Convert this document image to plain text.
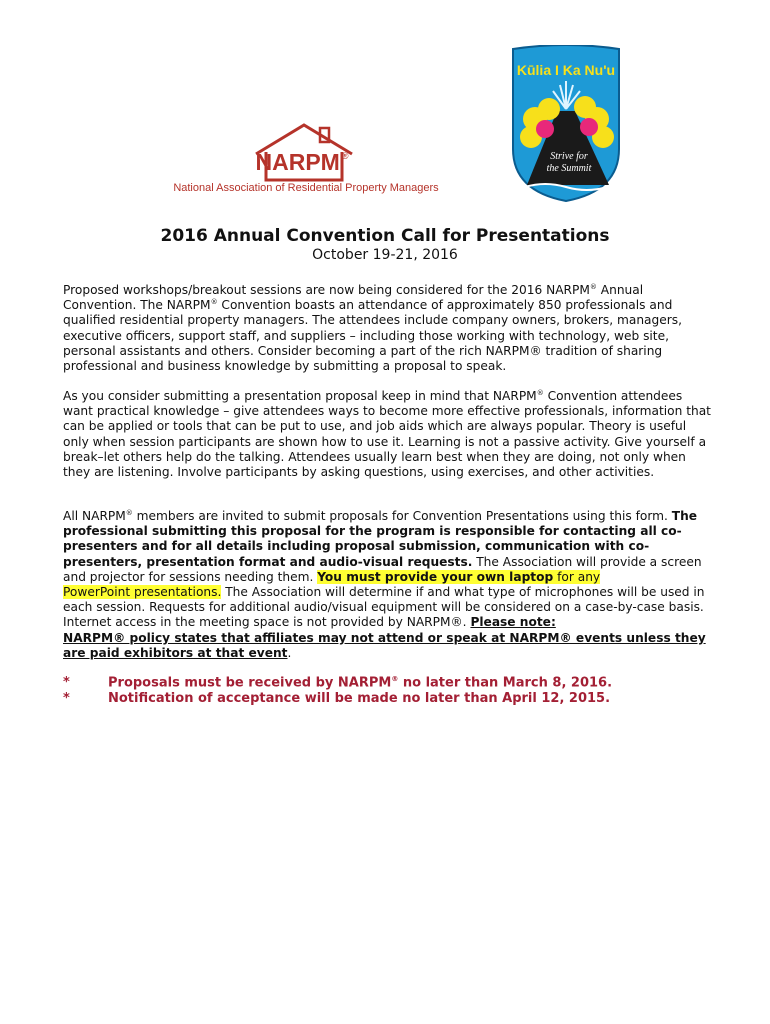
NARPM ®
National Association of Residential Property Managers
Kūlia I Ka Nu'u
Strive for
the Summit
2016 Annual Convention Call for Presentations
October 19-21, 2016

Proposed workshops/breakout sessions are now being considered for the 2016 NARPM® Annual Convention. The NARPM® Convention boasts an attendance of approximately 850 professionals and qualified residential property managers. The attendees include company owners, brokers, managers, executive officers, support staff, and suppliers – including those working with technology, web site, personal assistants and others. Consider becoming a part of the rich NARPM® tradition of sharing professional and business knowledge by submitting a proposal to speak.

As you consider submitting a presentation proposal keep in mind that NARPM® Convention attendees want practical knowledge – give attendees ways to become more effective professionals, information that can be applied or tools that can be put to use, and job aids which are always popular. Theory is useful only when session participants are shown how to use it. Learning is not a passive activity. Give yourself a break–let others help do the talking. Attendees usually learn best when they are doing, not only when they are listening. Involve participants by asking questions, using exercises, and other activities.

All NARPM® members are invited to submit proposals for Convention Presentations using this form. The professional submitting this proposal for the program is responsible for contacting all co-presenters and for all details including proposal submission, communication with co-presenters, presentation format and audio-visual requests. The Association will provide a screen and projector for sessions needing them. You must provide your own laptop for any
PowerPoint presentations. The Association will determine if and what type of microphones will be used in each session. Requests for additional audio/visual equipment will be considered on a case-by-case basis. Internet access in the meeting space is not provided by NARPM®. Please note:
NARPM® policy states that affiliates may not attend or speak at NARPM® events unless they are paid exhibitors at that event.

*	Proposals must be received by NARPM® no later than March 8, 2016.
*	Notification of acceptance will be made no later than April 12, 2015.
